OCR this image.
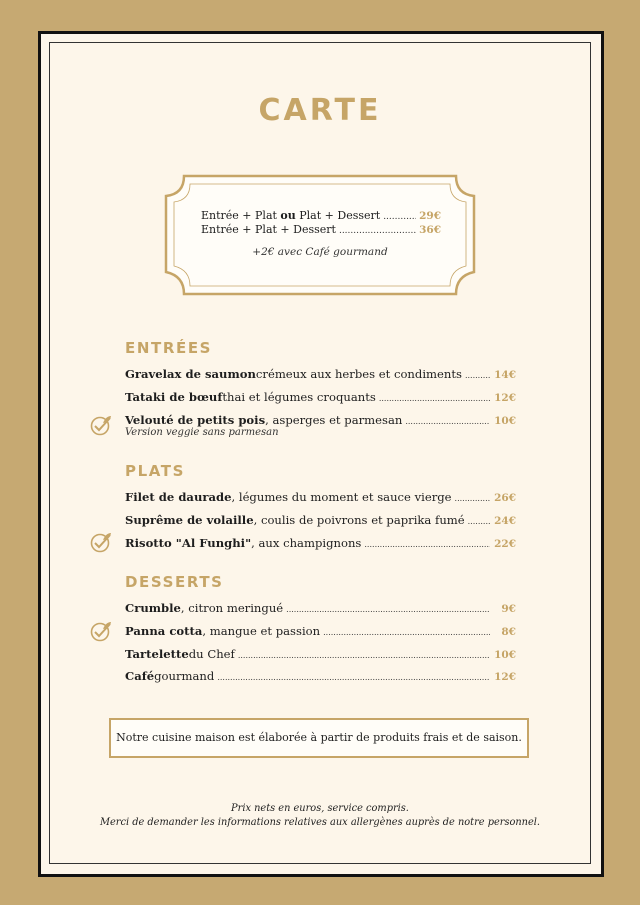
CARTE
Entrée + Plat ou Plat + Dessert .....	29€
Entrée + Plat + Dessert .....	36€
+2€ avec Café gourmand
ENTRÉES
Gravelax de saumon crémeux aux herbes et condiments .....	14€
Tataki de bœuf thai et légumes croquants .....	12€
Velouté de petits pois , asperges et parmesan .....	10€
Version veggie sans parmesan
PLATS
Filet de daurade , légumes du moment et sauce vierge .....	26€
Suprême de volaille , coulis de poivrons et paprika fumé .....	24€
Risotto "Al Funghi" , aux champignons .....	22€
DESSERTS
Crumble , citron meringué .....	9€
Panna cotta , mangue et passion .....	8€
Tartelette du Chef .....	10€
Café gourmand .....	12€
Notre cuisine maison est élaborée à partir de produits frais et de saison.
Prix nets en euros, service compris.
Merci de demander les informations relatives aux allergènes auprès de notre personnel.
